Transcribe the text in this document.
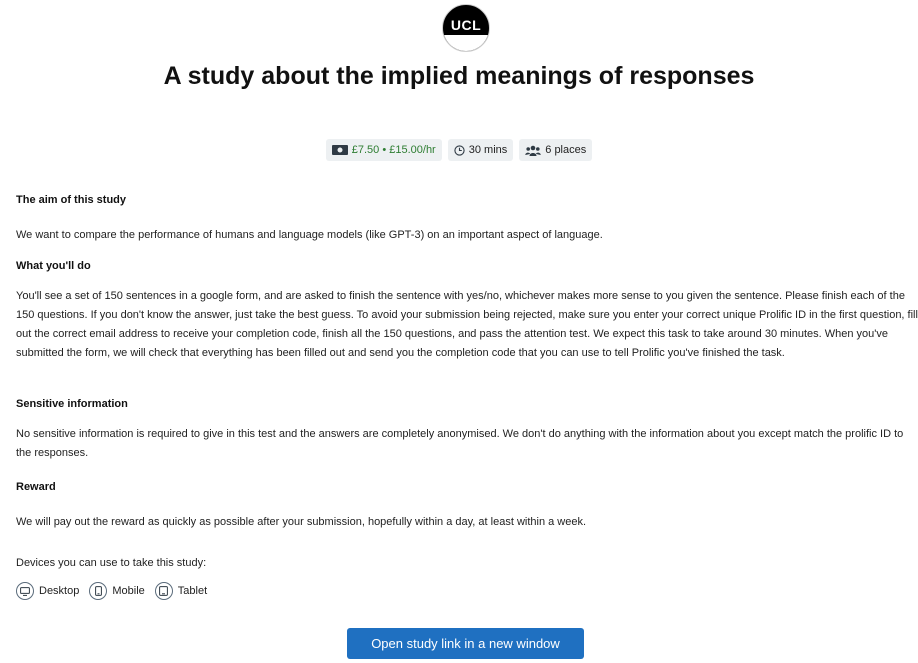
UCL
A study about the implied meanings of responses
£7.50 • £15.00/hr	30 mins	6 places
The aim of this study

We want to compare the performance of humans and language models (like GPT-3) on an important aspect of language.

What you'll do

You'll see a set of 150 sentences in a google form, and are asked to finish the sentence with yes/no, whichever makes more sense to you given the sentence. Please finish each of the 150 questions. If you don't know the answer, just take the best guess. To avoid your submission being rejected, make sure you enter your correct unique Prolific ID in the first question, fill out the correct email address to receive your completion code, finish all the 150 questions, and pass the attention test. We expect this task to take around 30 minutes. When you've submitted the form, we will check that everything has been filled out and send you the completion code that you can use to tell Prolific you've finished the task.

Sensitive information

No sensitive information is required to give in this test and the answers are completely anonymised. We don't do anything with the information about you except match the prolific ID to the responses.

Reward

We will pay out the reward as quickly as possible after your submission, hopefully within a day, at least within a week.

Devices you can use to take this study:
Desktop	Mobile	Tablet
Open study link in a new window
